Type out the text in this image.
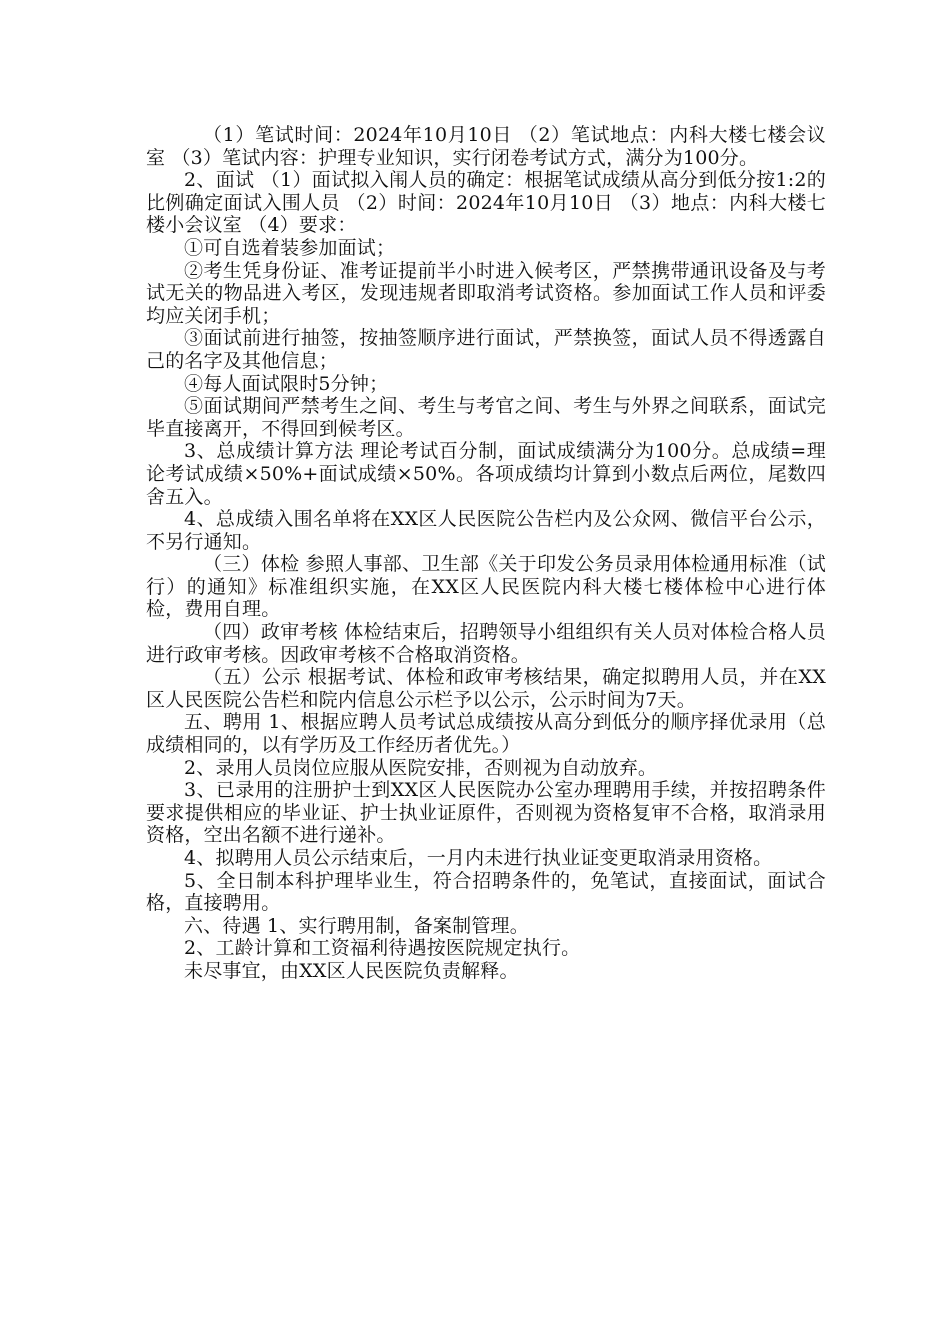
（1）笔试时间：2024年10月10日 （2）笔试地点：内科大楼七楼会议室 （3）笔试内容：护理专业知识，实行闭卷考试方式，满分为100分。

2、面试 （1）面试拟入闱人员的确定：根据笔试成绩从高分到低分按1:2的比例确定面试入围人员 （2）时间：2024年10月10日 （3）地点：内科大楼七楼小会议室 （4）要求：

①可自选着装参加面试；

②考生凭身份证、准考证提前半小时进入候考区，严禁携带通讯设备及与考试无关的物品进入考区，发现违规者即取消考试资格。参加面试工作人员和评委均应关闭手机；

③面试前进行抽签，按抽签顺序进行面试，严禁换签，面试人员不得透露自己的名字及其他信息；

④每人面试限时5分钟；

⑤面试期间严禁考生之间、考生与考官之间、考生与外界之间联系，面试完毕直接离开，不得回到候考区。

3、总成绩计算方法 理论考试百分制，面试成绩满分为100分。总成绩=理论考试成绩×50%+面试成绩×50%。各项成绩均计算到小数点后两位，尾数四舍五入。

4、总成绩入围名单将在XX区人民医院公告栏内及公众网、微信平台公示，不另行通知。

（三）体检 参照人事部、卫生部《关于印发公务员录用体检通用标准（试行）的通知》标准组织实施，在XX区人民医院内科大楼七楼体检中心进行体检，费用自理。

（四）政审考核 体检结束后，招聘领导小组组织有关人员对体检合格人员进行政审考核。因政审考核不合格取消资格。

（五）公示 根据考试、体检和政审考核结果，确定拟聘用人员，并在XX区人民医院公告栏和院内信息公示栏予以公示，公示时间为7天。

五、聘用 1、根据应聘人员考试总成绩按从高分到低分的顺序择优录用（总成绩相同的，以有学历及工作经历者优先。）

2、录用人员岗位应服从医院安排，否则视为自动放弃。

3、已录用的注册护士到XX区人民医院办公室办理聘用手续，并按招聘条件要求提供相应的毕业证、护士执业证原件，否则视为资格复审不合格，取消录用资格，空出名额不进行递补。

4、拟聘用人员公示结束后，一月内未进行执业证变更取消录用资格。

5、全日制本科护理毕业生，符合招聘条件的，免笔试，直接面试，面试合格，直接聘用。

六、待遇 1、实行聘用制，备案制管理。

2、工龄计算和工资福利待遇按医院规定执行。

未尽事宜，由XX区人民医院负责解释。
